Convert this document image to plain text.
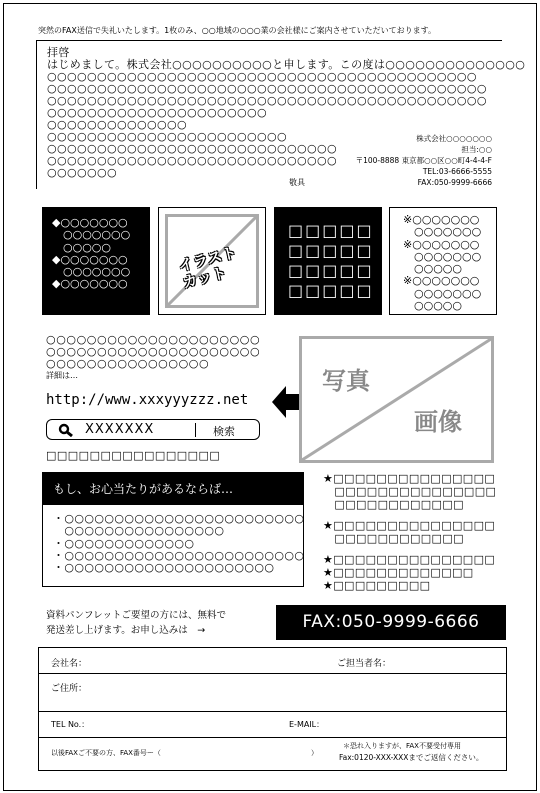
突然のFAX送信で失礼いたします。1枚のみ、○○地域の○○○業の会社様にご案内させていただいております。
拝啓
はじめまして。株式会社○○○○○○○○○○と申します。この度は○○○○○○○○○○○○○○
○○○○○○○○○○○○○○○○○○○○○○○○○○○○○○○○○○○○○○○○○○○
○○○○○○○○○○○○○○○○○○○○○○○○○○○○○○○○○○○○○○○○○○○○
○○○○○○○○○○○○○○○○○○○○○○○○○○○○○○○○○○○○○○○○○○○○
○○○○○○○○○○○○○○○○○○○○○○
○○○○○○○○○○○○○○
○○○○○○○○○○○○○○○○○○○○○○○○
○○○○○○○○○○○○○○○○○○○○○○○○○○○○○
○○○○○○○○○○○○○○○○○○○○○○○○○○○○○
○○○○○○○
株式会社○○○○○○○
担当:○○
〒100-8888 東京都○○区○○町4-4-4-F
TEL:03-6666-5555
FAX:050-9999-6666
敬具
◆○○○○○○○
　○○○○○○○
　○○○○○
◆○○○○○○○
　○○○○○○○
◆○○○○○○○
イラスト
カット
□□□□□
□□□□□
□□□□□
□□□□□
※○○○○○○○
　○○○○○○○
※○○○○○○○
　○○○○○○○
　○○○○○
※○○○○○○○
　○○○○○○○
　○○○○○
○○○○○○○○○○○○○○○○○○○○○
○○○○○○○○○○○○○○○○○○○○○
○○○○○○○○○○○○○○○○
詳細は…
http://www.xxxyyyzzz.net
XXXXXXX	検索
□□□□□□□□□□□□□□□□
写真
画像
もし、お心当たりがあるならば…
・○○○○○○○○○○○○○○○○○○○○○○○○
　○○○○○○○○○○○○○○○○
・○○○○○○○○○○○○○
・○○○○○○○○○○○○○○○○○○○○○○○○
・○○○○○○○○○○○○○○○○○○○○○
★□□□□□□□□□□□□□□□
　□□□□□□□□□□□□□□□
　□□□□□□□□□□□□
★□□□□□□□□□□□□□□□
　□□□□□□□□□□□□
★□□□□□□□□□□□□□□□
★□□□□□□□□□□□□□
★□□□□□□□□□
資料パンフレットご要望の方には、無料で
発送差し上げます。お申し込みは　→	FAX:050-9999-6666
会社名：	ご担当者名：
ご住所：
TEL No.：	E-MAIL：
以後FAXご不要の方、FAX番号ー（	）
＊恐れ入りますが、FAX不要受付専用
Fax:0120-XXX-XXXまでご返信ください。
